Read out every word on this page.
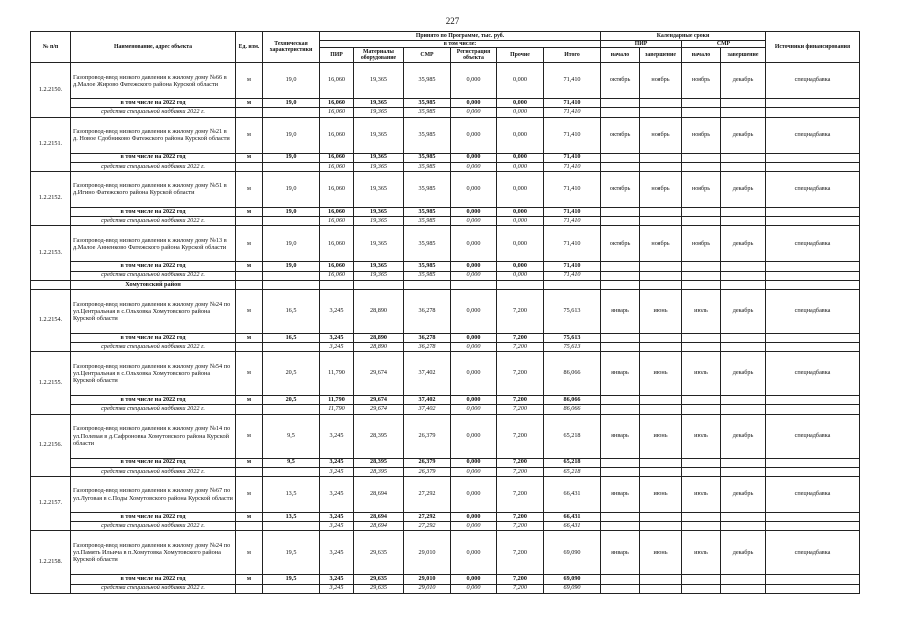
227
№ п/п	Наименование, адрес объекта	Ед. изм.	Техническая характеристики	Принято по Программе, тыс. руб.						Календарные сроки				Источники финансирования
				в том числе:						ПИР		СМР		
				ПИР	Материалы оборудование	СМР	Регистрация объекта	Прочие	Итого	начало	завершение	начало	завершение	

1.2.2150.	Газопровод-ввод низкого давления к жилому дому №66 в д.Малое Жирово Фатежского района Курской области	м	19,0	16,060	19,365	35,985	0,000	0,000	71,410	октябрь	ноябрь	ноябрь	декабрь	спецнадбавка
	в том числе на 2022 год	м	19,0	16,060	19,365	35,985	0,000	0,000	71,410					
	средства специальной надбавки 2022 г.			16,060	19,365	35,985	0,000	0,000	71,410					
1.2.2151.	Газопровод-ввод низкого давления к жилому дому №21 в д. Новое Сдобниково Фатежского района Курской области	м	19,0	16,060	19,365	35,985	0,000	0,000	71,410	октябрь	ноябрь	ноябрь	декабрь	спецнадбавка
	в том числе на 2022 год	м	19,0	16,060	19,365	35,985	0,000	0,000	71,410					
	средства специальной надбавки 2022 г.			16,060	19,365	35,985	0,000	0,000	71,410					
1.2.2152.	Газопровод-ввод низкого давления к жилому дому №51 в д.Игино Фатежского района Курской области	м	19,0	16,060	19,365	35,985	0,000	0,000	71,410	октябрь	ноябрь	ноябрь	декабрь	спецнадбавка
	в том числе на 2022 год	м	19,0	16,060	19,365	35,985	0,000	0,000	71,410					
	средства специальной надбавки 2022 г.			16,060	19,365	35,985	0,000	0,000	71,410					
1.2.2153.	Газопровод-ввод низкого давления к жилому дому №13 в д.Малое Анненково Фатежского района Курской области	м	19,0	16,060	19,365	35,985	0,000	0,000	71,410	октябрь	ноябрь	ноябрь	декабрь	спецнадбавка
	в том числе на 2022 год	м	19,0	16,060	19,365	35,985	0,000	0,000	71,410					
	средства специальной надбавки 2022 г.			16,060	19,365	35,985	0,000	0,000	71,410					
	Хомутовский район													
1.2.2154.	Газопровод-ввод низкого давления к жилому дому №24 по ул.Центральная в с.Ольховка Хомутовского района Курской области	м	16,5	3,245	28,890	36,278	0,000	7,200	75,613	январь	июнь	июль	декабрь	спецнадбавка
	в том числе на 2022 год	м	16,5	3,245	28,890	36,278	0,000	7,200	75,613					
	средства специальной надбавки 2022 г.			3,245	28,890	36,278	0,000	7,200	75,613					
1.2.2155.	Газопровод-ввод низкого давления к жилому дому №54 по ул.Центральная в с.Ольховка Хомутовского района Курской области	м	20,5	11,790	29,674	37,402	0,000	7,200	86,066	январь	июнь	июль	декабрь	спецнадбавка
	в том числе на 2022 год	м	20,5	11,790	29,674	37,402	0,000	7,200	86,066					
	средства специальной надбавки 2022 г.			11,790	29,674	37,402	0,000	7,200	86,066					
1.2.2156.	Газопровод-ввод низкого давления к жилому дому №14 по ул.Полевая в д.Сафроновка Хомутовского района Курской области	м	9,5	3,245	28,395	26,379	0,000	7,200	65,218	январь	июнь	июль	декабрь	спецнадбавка
	в том числе на 2022 год	м	9,5	3,245	28,395	26,379	0,000	7,200	65,218					
	средства специальной надбавки 2022 г.			3,245	28,395	26,379	0,000	7,200	65,218					
1.2.2157.	Газопровод-ввод низкого давления к жилому дому №67 по ул.Луговая в с.Поды Хомутовского района Курской области	м	13,5	3,245	28,694	27,292	0,000	7,200	66,431	январь	июнь	июль	декабрь	спецнадбавка
	в том числе на 2022 год	м	13,5	3,245	28,694	27,292	0,000	7,200	66,431					
	средства специальной надбавки 2022 г.			3,245	28,694	27,292	0,000	7,200	66,431					
1.2.2158.	Газопровод-ввод низкого давления к жилому дому №24 по ул.Память Ильича в п.Хомутовка Хомутовского района Курской области	м	19,5	3,245	29,635	29,010	0,000	7,200	69,090	январь	июнь	июль	декабрь	спецнадбавка
	в том числе на 2022 год	м	19,5	3,245	29,635	29,010	0,000	7,200	69,090					
	средства специальной надбавки 2022 г.			3,245	29,635	29,010	0,000	7,200	69,090					
